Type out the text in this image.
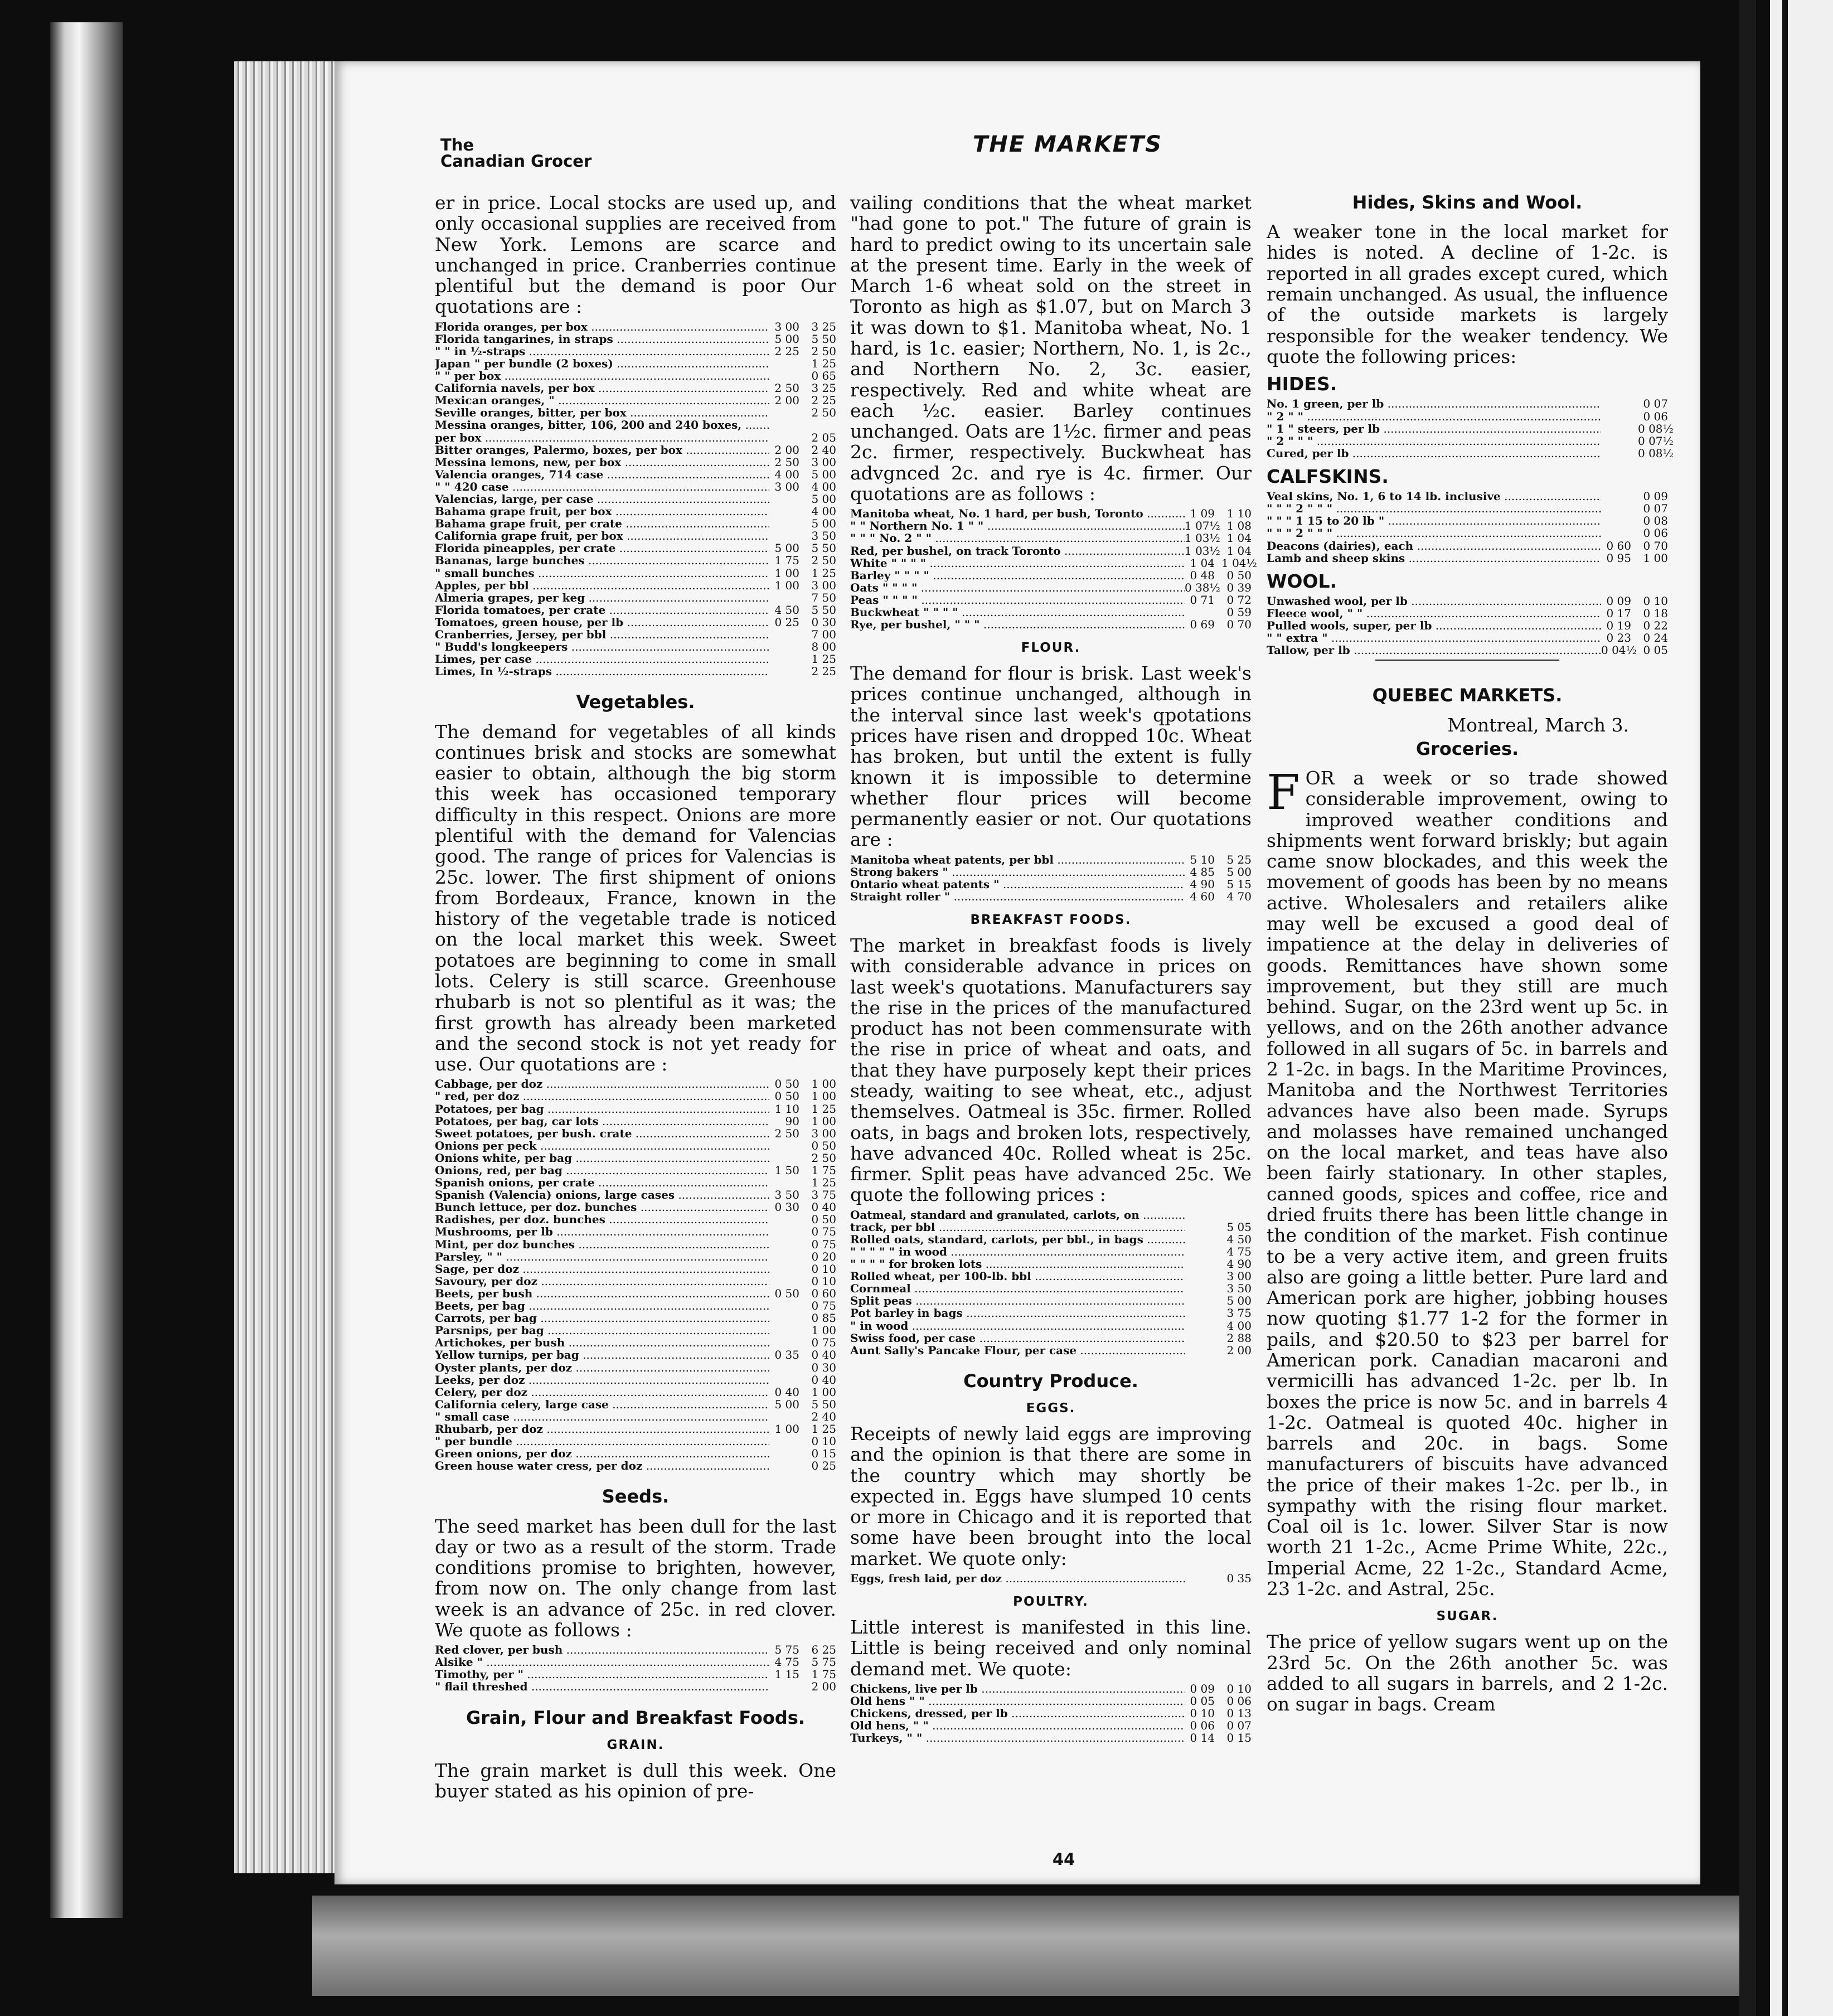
The
Canadian Grocer
THE MARKETS

er in price. Local stocks are used up, and only occasional supplies are received from New York. Lemons are scarce and unchanged in price. Cranberries continue plentiful but the demand is poor Our quotations are :

Florida oranges, per box .....	3 00	3 25
Florida tangarines, in straps .....	5 00	5 50
" " in ½-straps .....	2 25	2 50
Japan " per bundle (2 boxes) .....	1 25
" " per box .....	0 65
California navels, per box .....	2 50	3 25
Mexican oranges, " .....	2 00	2 25
Seville oranges, bitter, per box .....	2 50
Messina oranges, bitter, 106, 200 and 240 boxes, .....
per box .....	2 05
Bitter oranges, Palermo, boxes, per box .....	2 00	2 40
Messina lemons, new, per box .....	2 50	3 00
Valencia oranges, 714 case .....	4 00	5 00
" " 420 case .....	3 00	4 00
Valencias, large, per case .....	5 00
Bahama grape fruit, per box .....	4 00
Bahama grape fruit, per crate .....	5 00
California grape fruit, per box .....	3 50
Florida pineapples, per crate .....	5 00	5 50
Bananas, large bunches .....	1 75	2 50
" small bunches .....	1 00	1 25
Apples, per bbl .....	1 00	3 00
Almeria grapes, per keg .....	7 50
Florida tomatoes, per crate .....	4 50	5 50
Tomatoes, green house, per lb .....	0 25	0 30
Cranberries, Jersey, per bbl .....	7 00
" Budd's longkeepers .....	8 00
Limes, per case .....	1 25
Limes, In ½-straps .....	2 25
Vegetables.

The demand for vegetables of all kinds continues brisk and stocks are somewhat easier to obtain, although the big storm this week has occasioned temporary difficulty in this respect. Onions are more plentiful with the demand for Valencias good. The range of prices for Valencias is 25c. lower. The first shipment of onions from Bordeaux, France, known in the history of the vegetable trade is noticed on the local market this week. Sweet potatoes are beginning to come in small lots. Celery is still scarce. Greenhouse rhubarb is not so plentiful as it was; the first growth has already been marketed and the second stock is not yet ready for use. Our quotations are :

Cabbage, per doz .....	0 50	1 00
" red, per doz .....	0 50	1 00
Potatoes, per bag .....	1 10	1 25
Potatoes, per bag, car lots .....	90	1 00
Sweet potatoes, per bush. crate .....	2 50	3 00
Onions per peck .....	0 50
Onions white, per bag .....	2 50
Onions, red, per bag .....	1 50	1 75
Spanish onions, per crate .....	1 25
Spanish (Valencia) onions, large cases .....	3 50	3 75
Bunch lettuce, per doz. bunches .....	0 30	0 40
Radishes, per doz. bunches .....	0 50
Mushrooms, per lb .....	0 75
Mint, per doz bunches .....	0 75
Parsley, " " .....	0 20
Sage, per doz .....	0 10
Savoury, per doz .....	0 10
Beets, per bush .....	0 50	0 60
Beets, per bag .....	0 75
Carrots, per bag .....	0 85
Parsnips, per bag .....	1 00
Artichokes, per bush .....	0 75
Yellow turnips, per bag .....	0 35	0 40
Oyster plants, per doz .....	0 30
Leeks, per doz .....	0 40
Celery, per doz .....	0 40	1 00
California celery, large case .....	5 00	5 50
" small case .....	2 40
Rhubarb, per doz .....	1 00	1 25
" per bundle .....	0 10
Green onions, per doz .....	0 15
Green house water cress, per doz .....	0 25
Seeds.

The seed market has been dull for the last day or two as a result of the storm. Trade conditions promise to brighten, however, from now on. The only change from last week is an advance of 25c. in red clover. We quote as follows :

Red clover, per bush .....	5 75	6 25
Alsike " .....	4 75	5 75
Timothy, per " .....	1 15	1 75
" flail threshed .....	2 00
Grain, Flour and Breakfast Foods.
GRAIN.

The grain market is dull this week. One buyer stated as his opinion of pre-

vailing conditions that the wheat market "had gone to pot." The future of grain is hard to predict owing to its uncertain sale at the present time. Early in the week of March 1-6 wheat sold on the street in Toronto as high as $1.07, but on March 3 it was down to $1. Manitoba wheat, No. 1 hard, is 1c. easier; Northern, No. 1, is 2c., and Northern No. 2, 3c. easier, respectively. Red and white wheat are each ½c. easier. Barley continues unchanged. Oats are 1½c. firmer and peas 2c. firmer, respectively. Buckwheat has advgnced 2c. and rye is 4c. firmer. Our quotations are as follows :

Manitoba wheat, No. 1 hard, per bush, Toronto .....	1 09	1 10
" " Northern No. 1 " " .....	1 07½ 1 08
" " " No. 2 " " .....	1 03½ 1 04
Red, per bushel, on track Toronto .....	1 03½ 1 04
White " " " " .....	1 04 1 04½
Barley " " " " .....	0 48	0 50
Oats " " " " .....	0 38½ 0 39
Peas " " " " .....	0 71	0 72
Buckwheat " " " " .....	0 59
Rye, per bushel, " " " .....	0 69	0 70
FLOUR.

The demand for flour is brisk. Last week's prices continue unchanged, although in the interval since last week's qpotations prices have risen and dropped 10c. Wheat has broken, but until the extent is fully known it is impossible to determine whether flour prices will become permanently easier or not. Our quotations are :

Manitoba wheat patents, per bbl .....	5 10	5 25
Strong bakers " .....	4 85	5 00
Ontario wheat patents " .....	4 90	5 15
Straight roller " .....	4 60	4 70
BREAKFAST FOODS.

The market in breakfast foods is lively with considerable advance in prices on last week's quotations. Manufacturers say the rise in the prices of the manufactured product has not been commensurate with the rise in price of wheat and oats, and that they have purposely kept their prices steady, waiting to see wheat, etc., adjust themselves. Oatmeal is 35c. firmer. Rolled oats, in bags and broken lots, respectively, have advanced 40c. Rolled wheat is 25c. firmer. Split peas have advanced 25c. We quote the following prices :

Oatmeal, standard and granulated, carlots, on .....
track, per bbl .....	5 05
Rolled oats, standard, carlots, per bbl., in bags .....	4 50
" " " " " in wood .....	4 75
" " " " for broken lots .....	4 90
Rolled wheat, per 100-lb. bbl .....	3 00
Cornmeal .....	3 50
Split peas .....	5 00
Pot barley in bags .....	3 75
" in wood .....	4 00
Swiss food, per case .....	2 88
Aunt Sally's Pancake Flour, per case .....	2 00
Country Produce.
EGGS.

Receipts of newly laid eggs are improving and the opinion is that there are some in the country which may shortly be expected in. Eggs have slumped 10 cents or more in Chicago and it is reported that some have been brought into the local market. We quote only:

Eggs, fresh laid, per doz .....	0 35
POULTRY.

Little interest is manifested in this line. Little is being received and only nominal demand met. We quote:

Chickens, live per lb .....	0 09	0 10
Old hens " " .....	0 05	0 06
Chickens, dressed, per lb .....	0 10	0 13
Old hens, " " .....	0 06	0 07
Turkeys, " " .....	0 14	0 15
Hides, Skins and Wool.

A weaker tone in the local market for hides is noted. A decline of 1-2c. is reported in all grades except cured, which remain unchanged. As usual, the influence of the outside markets is largely responsible for the weaker tendency. We quote the following prices:

HIDES.
No. 1 green, per lb .....	0 07
" 2 " " .....	0 06
" 1 " steers, per lb .....	0 08½
" 2 " " " .....	0 07½
Cured, per lb .....	0 08½
CALFSKINS.
Veal skins, No. 1, 6 to 14 lb. inclusive .....	0 09
" " " 2 " " " .....	0 07
" " " 1 15 to 20 lb " .....	0 08
" " " 2 " " " .....	0 06
Deacons (dairies), each .....	0 60	0 70
Lamb and sheep skins .....	0 95	1 00
WOOL.
Unwashed wool, per lb .....	0 09	0 10
Fleece wool, " " .....	0 17	0 18
Pulled wools, super, per lb .....	0 19	0 22
" " extra " .....	0 23	0 24
Tallow, per lb .....	0 04½ 0 05
QUEBEC MARKETS.

Montreal, March 3.

Groceries.

FOR a week or so trade showed considerable improvement, owing to improved weather conditions and shipments went forward briskly; but again came snow blockades, and this week the movement of goods has been by no means active. Wholesalers and retailers alike may well be excused a good deal of impatience at the delay in deliveries of goods. Remittances have shown some improvement, but they still are much behind. Sugar, on the 23rd went up 5c. in yellows, and on the 26th another advance followed in all sugars of 5c. in barrels and 2 1-2c. in bags. In the Maritime Provinces, Manitoba and the Northwest Territories advances have also been made. Syrups and molasses have remained unchanged on the local market, and teas have also been fairly stationary. In other staples, canned goods, spices and coffee, rice and dried fruits there has been little change in the condition of the market. Fish continue to be a very active item, and green fruits also are going a little better. Pure lard and American pork are higher, jobbing houses now quoting $1.77 1-2 for the former in pails, and $20.50 to $23 per barrel for American pork. Canadian macaroni and vermicilli has advanced 1-2c. per lb. In boxes the price is now 5c. and in barrels 4 1-2c. Oatmeal is quoted 40c. higher in barrels and 20c. in bags. Some manufacturers of biscuits have advanced the price of their makes 1-2c. per lb., in sympathy with the rising flour market. Coal oil is 1c. lower. Silver Star is now worth 21 1-2c., Acme Prime White, 22c., Imperial Acme, 22 1-2c., Standard Acme, 23 1-2c. and Astral, 25c.

SUGAR.

The price of yellow sugars went up on the 23rd 5c. On the 26th another 5c. was added to all sugars in barrels, and 2 1-2c. on sugar in bags. Cream

44
